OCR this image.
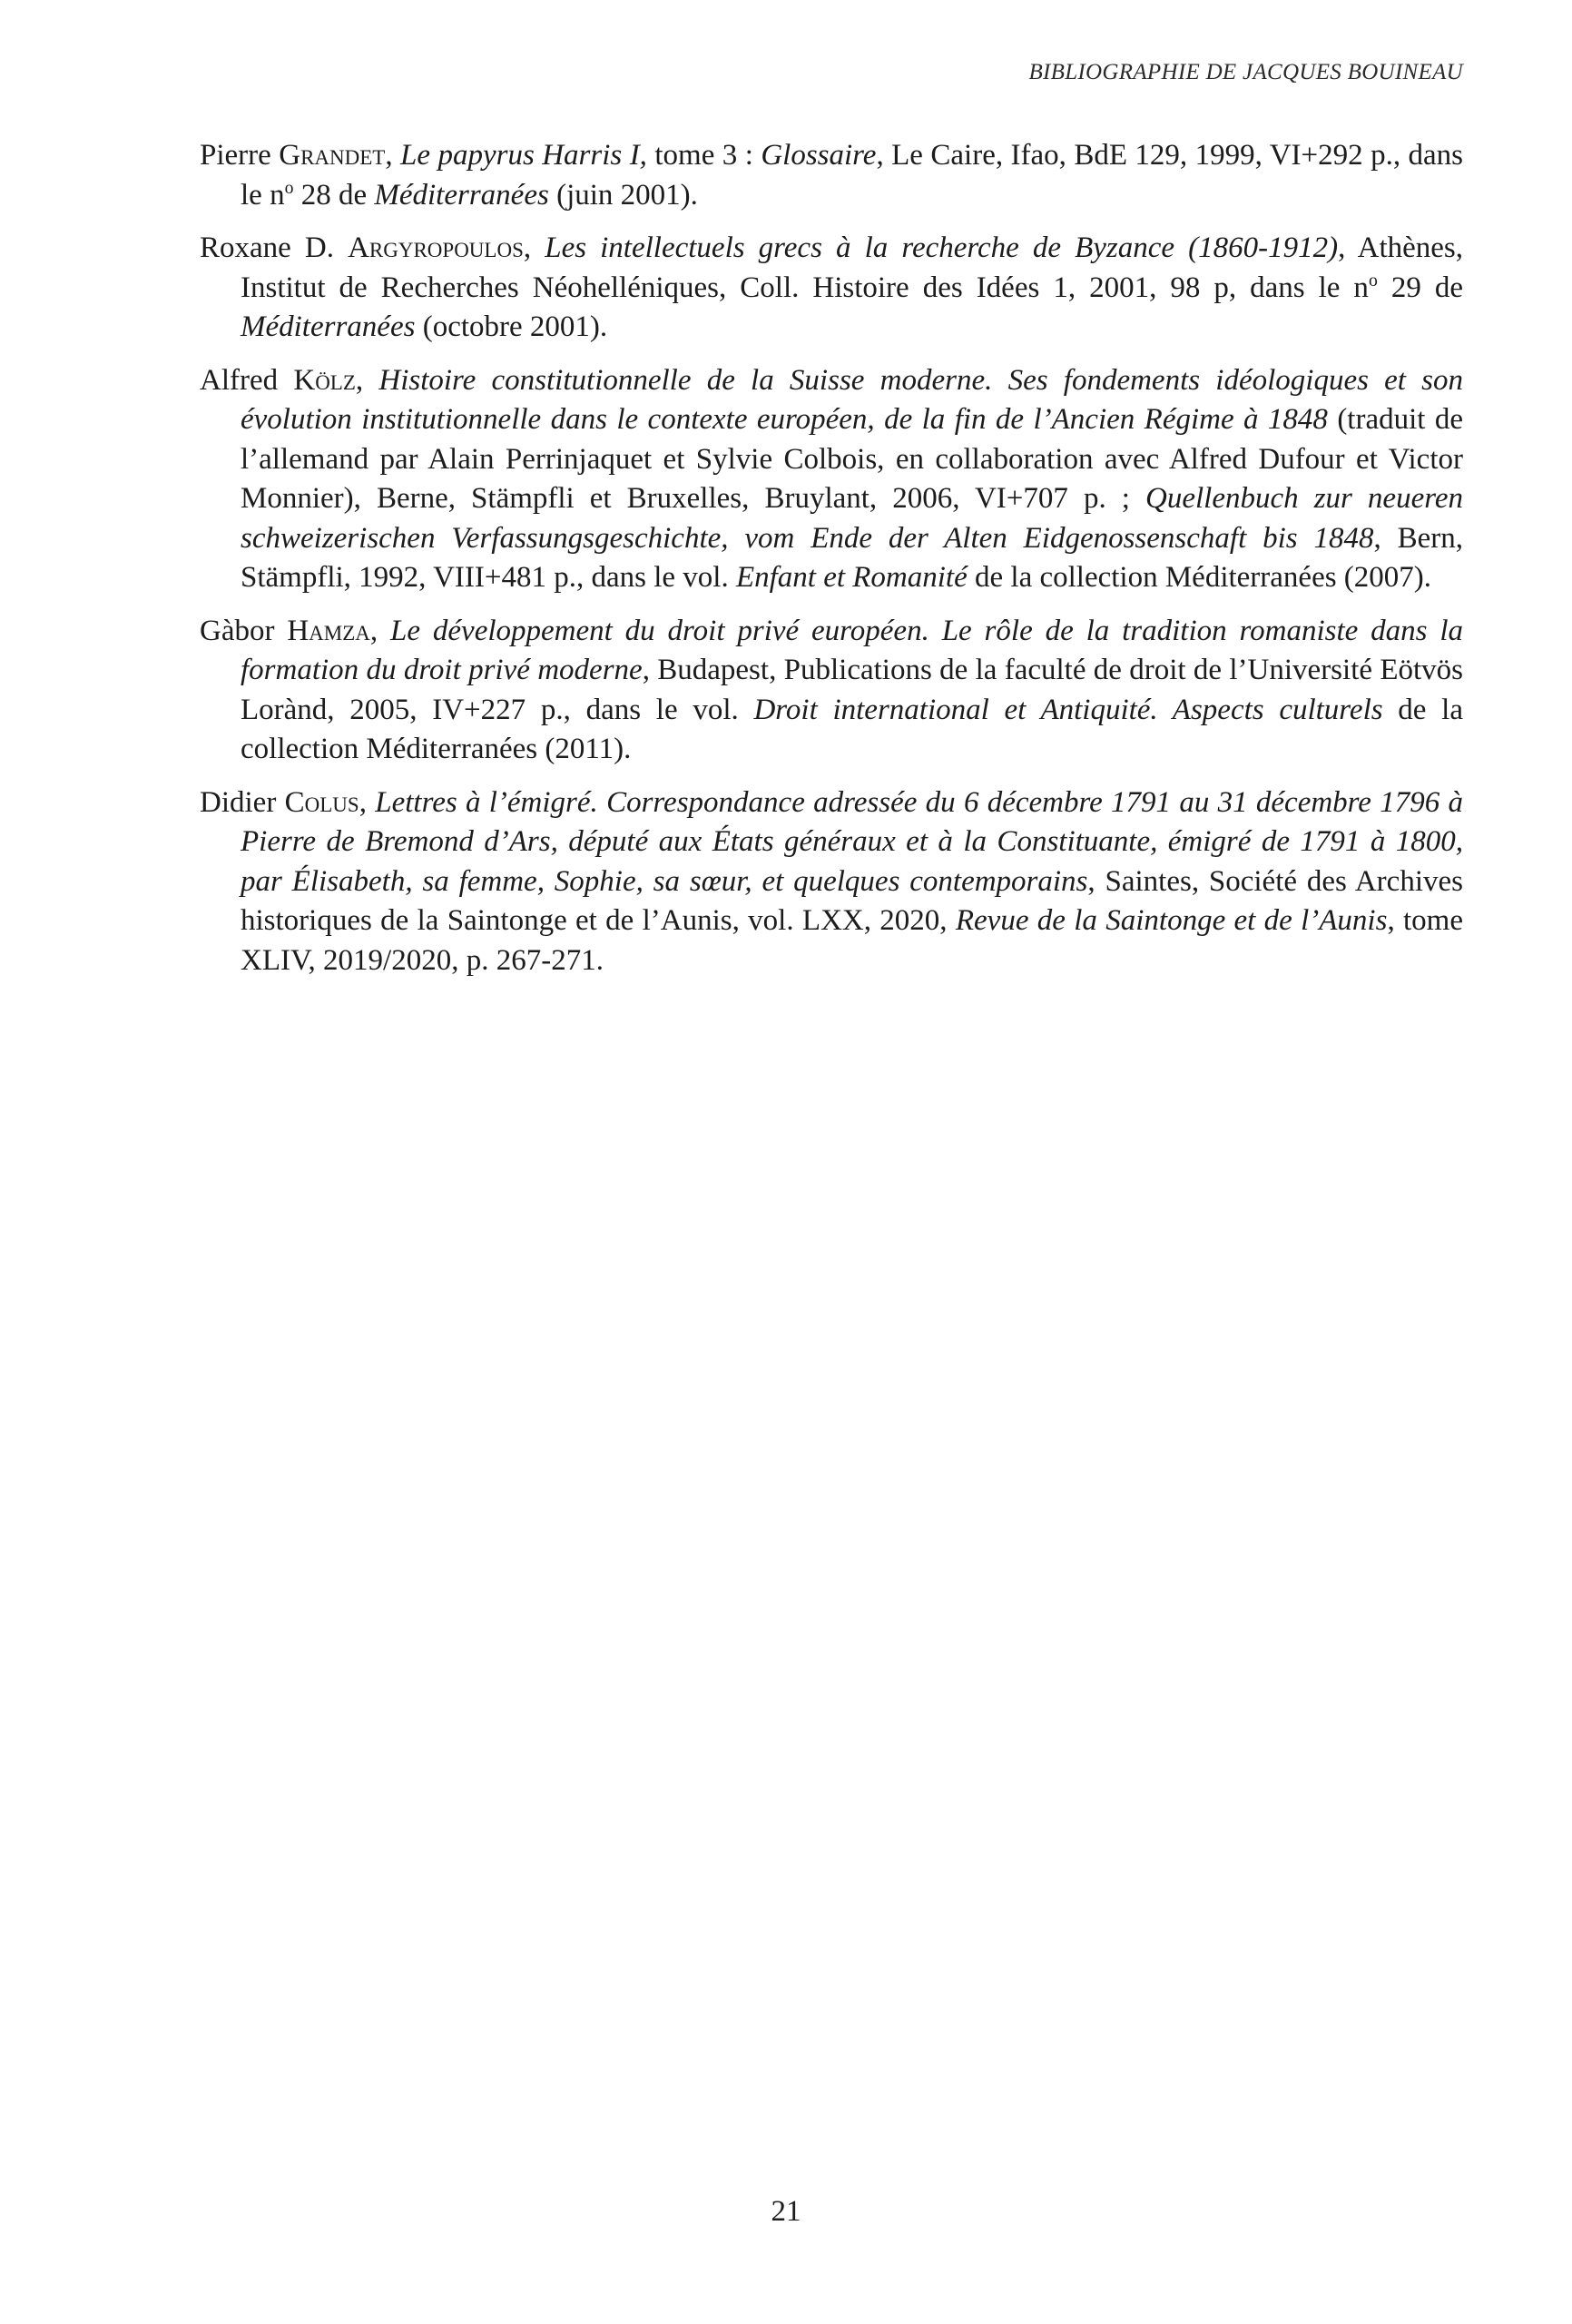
BIBLIOGRAPHIE DE JACQUES BOUINEAU

Pierre Grandet, Le papyrus Harris I, tome 3 : Glossaire, Le Caire, Ifao, BdE 129, 1999, VI+292 p., dans le $n^o$ 28 de Méditerranées (juin 2001).

Roxane D. Argyropoulos, Les intellectuels grecs à la recherche de Byzance (1860-1912), Athènes, Institut de Recherches Néohelléniques, Coll. Histoire des Idées 1, 2001, 98 p, dans le $n^o$ 29 de Méditerranées (octobre 2001).

Alfred Kölz, Histoire constitutionnelle de la Suisse moderne. Ses fondements idéologiques et son évolution institutionnelle dans le contexte européen, de la fin de l’Ancien Régime à 1848 (traduit de l’allemand par Alain Perrinjaquet et Sylvie Colbois, en collaboration avec Alfred Dufour et Victor Monnier), Berne, Stämpfli et Bruxelles, Bruylant, 2006, VI+707 p. ; Quellenbuch zur neueren schweizerischen Verfassungsgeschichte, vom Ende der Alten Eidgenossenschaft bis 1848, Bern, Stämpfli, 1992, VIII+481 p., dans le vol. Enfant et Romanité de la collection Méditerranées (2007).

Gàbor Hamza, Le développement du droit privé européen. Le rôle de la tradition romaniste dans la formation du droit privé moderne, Budapest, Publications de la faculté de droit de l’Université Eötvös Lorànd, 2005, IV+227 p., dans le vol. Droit international et Antiquité. Aspects culturels de la collection Méditerranées (2011).

Didier Colus, Lettres à l’émigré. Correspondance adressée du 6 décembre 1791 au 31 décembre 1796 à Pierre de Bremond d’Ars, député aux États généraux et à la Constituante, émigré de 1791 à 1800, par Élisabeth, sa femme, Sophie, sa sœur, et quelques contemporains, Saintes, Société des Archives historiques de la Saintonge et de l’Aunis, vol. LXX, 2020, Revue de la Saintonge et de l’Aunis, tome XLIV, 2019/2020, p. 267-271.

21
